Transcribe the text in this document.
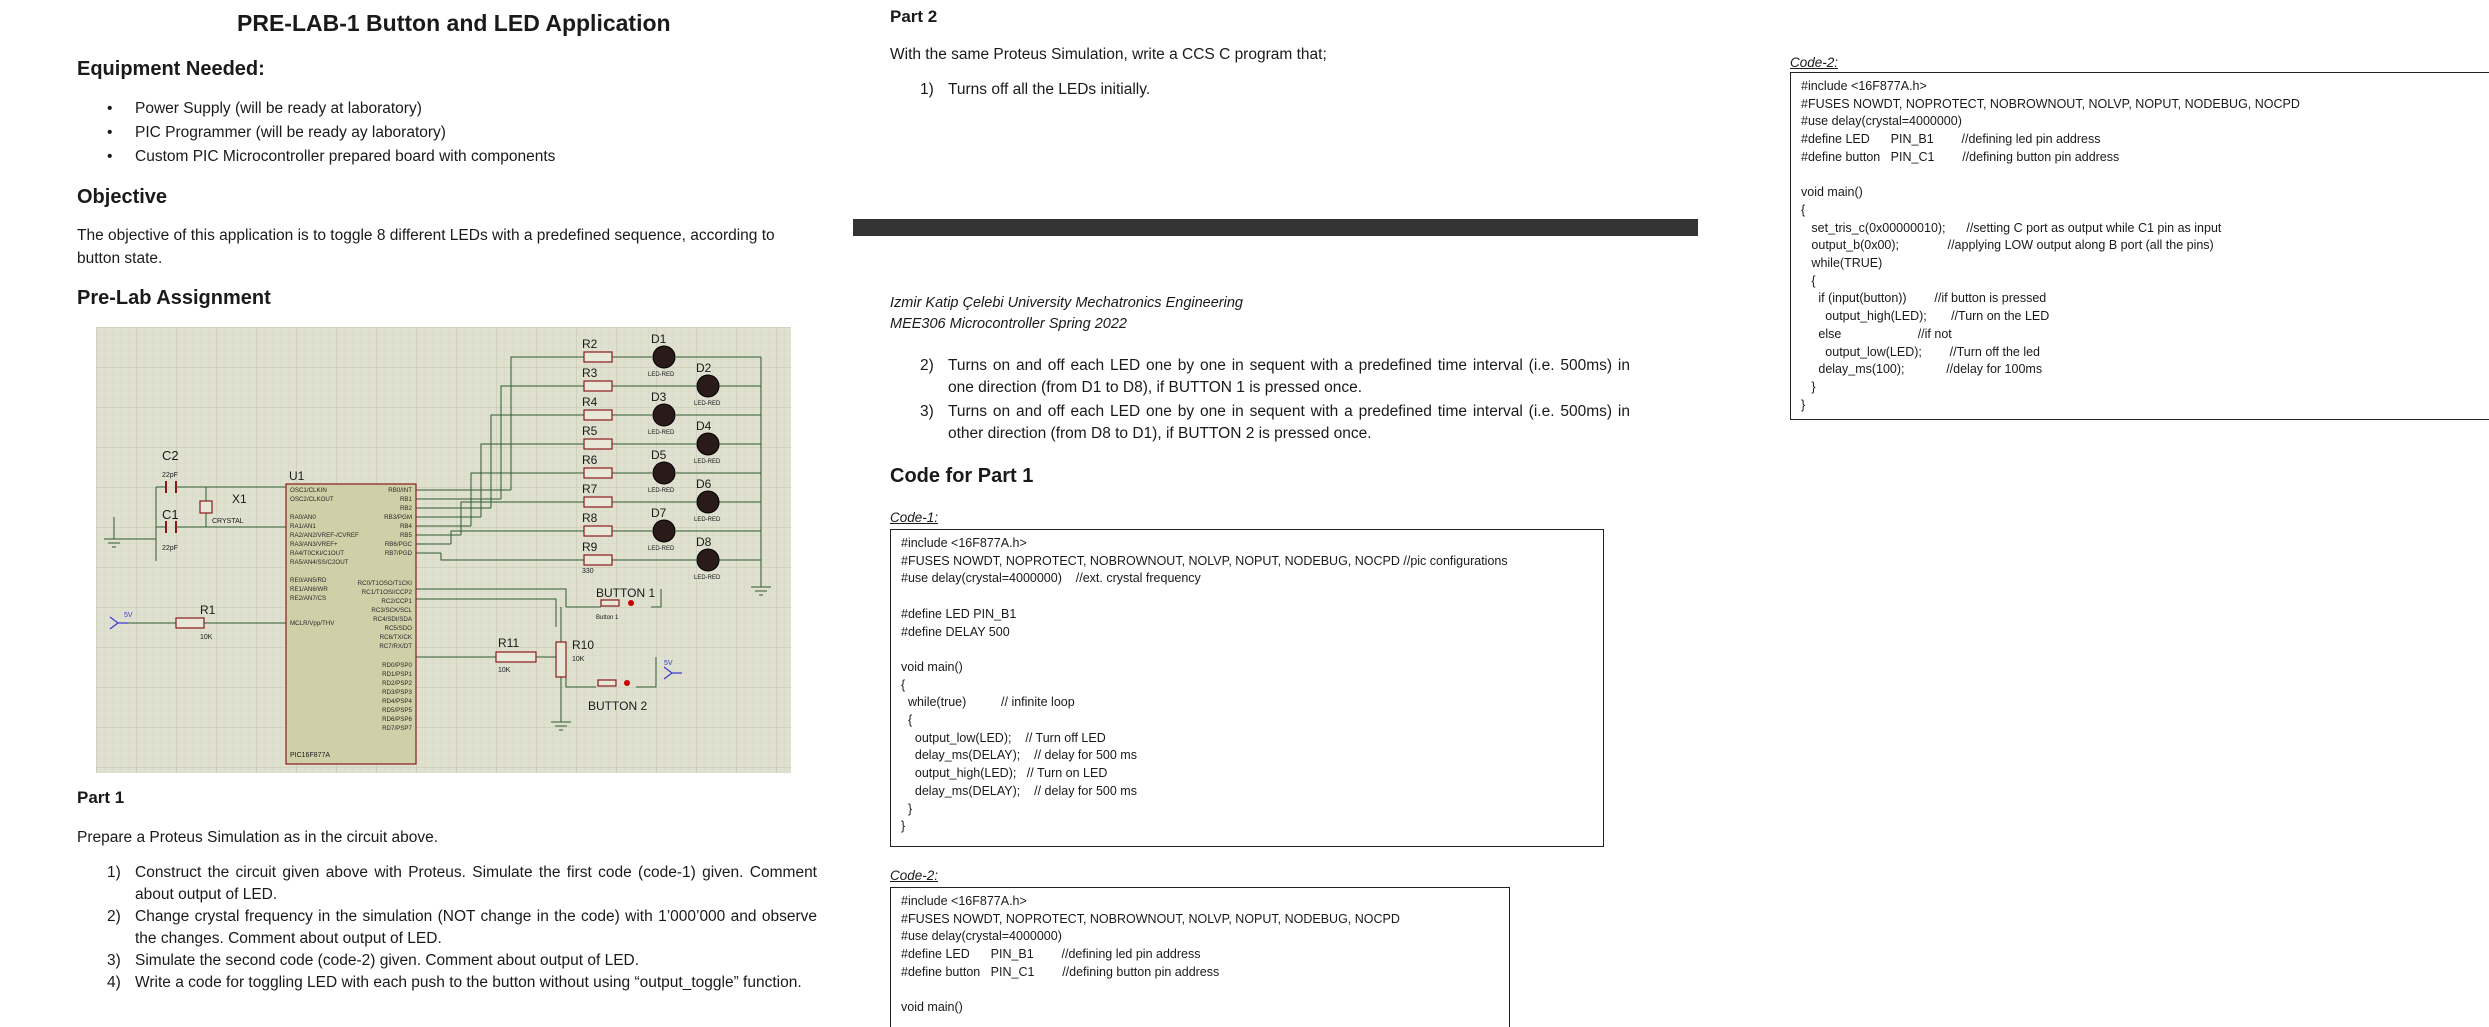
PRE-LAB-1 Button and LED Application
Equipment Needed:
• Power Supply (will be ready at laboratory)
• PIC Programmer (will be ready ay laboratory)
• Custom PIC Microcontroller prepared board with components
Objective
The objective of this application is to toggle 8 different LEDs with a predefined sequence, according to button state.
Pre-Lab Assignment
C2
22pF
C1
22pF
X1
CRYSTAL
U1
PIC16F877A
R1
10K
5V
5V
R2
R3
R4
R5
R6
R7
R8
R9
330
D1
D2
D3
D4
D5
D6
D7
D8
LED-RED
LED-RED
LED-RED
LED-RED
LED-RED
LED-RED
LED-RED
LED-RED
BUTTON 1
Button 1
BUTTON 2
R10
10K
R11
10K
OSC1/CLKIN
OSC2/CLKOUT
RA0/AN0
RA1/AN1
RA2/AN2/VREF-/CVREF
RA3/AN3/VREF+
RA4/T0CKI/C1OUT
RA5/AN4/SS/C2OUT
RE0/AN5/RD
RE1/AN6/WR
RE2/AN7/CS
MCLR/Vpp/THV
RB0/INT
RB1
RB2
RB3/PGM
RB4
RB5
RB6/PGC
RB7/PGD
RC0/T1OSO/T1CKI
RC1/T1OSI/CCP2
RC2/CCP1
RC3/SCK/SCL
RC4/SDI/SDA
RC5/SDO
RC6/TX/CK
RC7/RX/DT
RD0/PSP0
RD1/PSP1
RD2/PSP2
RD3/PSP3
RD4/PSP4
RD5/PSP5
RD6/PSP6
RD7/PSP7
Part 1
Prepare a Proteus Simulation as in the circuit above.
1) Construct the circuit given above with Proteus. Simulate the first code (code-1) given. Comment about output of LED.
2) Change crystal frequency in the simulation (NOT change in the code) with 1’000’000 and observe the changes. Comment about output of LED.
3) Simulate the second code (code-2) given. Comment about output of LED.
4) Write a code for toggling LED with each push to the button without using “output_toggle” function.
Part 2
With the same Proteus Simulation, write a CCS C program that;
1) Turns off all the LEDs initially.
Izmir Katip Çelebi University Mechatronics Engineering
MEE306 Microcontroller Spring 2022
2) Turns on and off each LED one by one in sequent with a predefined time interval (i.e. 500ms) in one direction (from D1 to D8), if BUTTON 1 is pressed once.
3) Turns on and off each LED one by one in sequent with a predefined time interval (i.e. 500ms) in other direction (from D8 to D1), if BUTTON 2 is pressed once.
Code for Part 1
Code-1:
#include <16F877A.h>
#FUSES NOWDT, NOPROTECT, NOBROWNOUT, NOLVP, NOPUT, NODEBUG, NOCPD //pic configurations
#use delay(crystal=4000000)    //ext. crystal frequency

#define LED PIN_B1
#define DELAY 500

void main()
{
while(true)          // infinite loop
{
output_low(LED);    // Turn off LED
delay_ms(DELAY);    // delay for 500 ms
output_high(LED);   // Turn on LED
delay_ms(DELAY);    // delay for 500 ms
}
}
Code-2:
#include <16F877A.h>
#FUSES NOWDT, NOPROTECT, NOBROWNOUT, NOLVP, NOPUT, NODEBUG, NOCPD
#use delay(crystal=4000000)
#define LED      PIN_B1        //defining led pin address
#define button   PIN_C1        //defining button pin address

void main()
Code-2:
#include <16F877A.h>
#FUSES NOWDT, NOPROTECT, NOBROWNOUT, NOLVP, NOPUT, NODEBUG, NOCPD
#use delay(crystal=4000000)
#define LED      PIN_B1        //defining led pin address
#define button   PIN_C1        //defining button pin address

void main()
{
set_tris_c(0x00000010);      //setting C port as output while C1 pin as input
output_b(0x00);              //applying LOW output along B port (all the pins)
while(TRUE)
{
if (input(button))        //if button is pressed
output_high(LED);       //Turn on the LED
else                      //if not
output_low(LED);        //Turn off the led
delay_ms(100);            //delay for 100ms
}
}
